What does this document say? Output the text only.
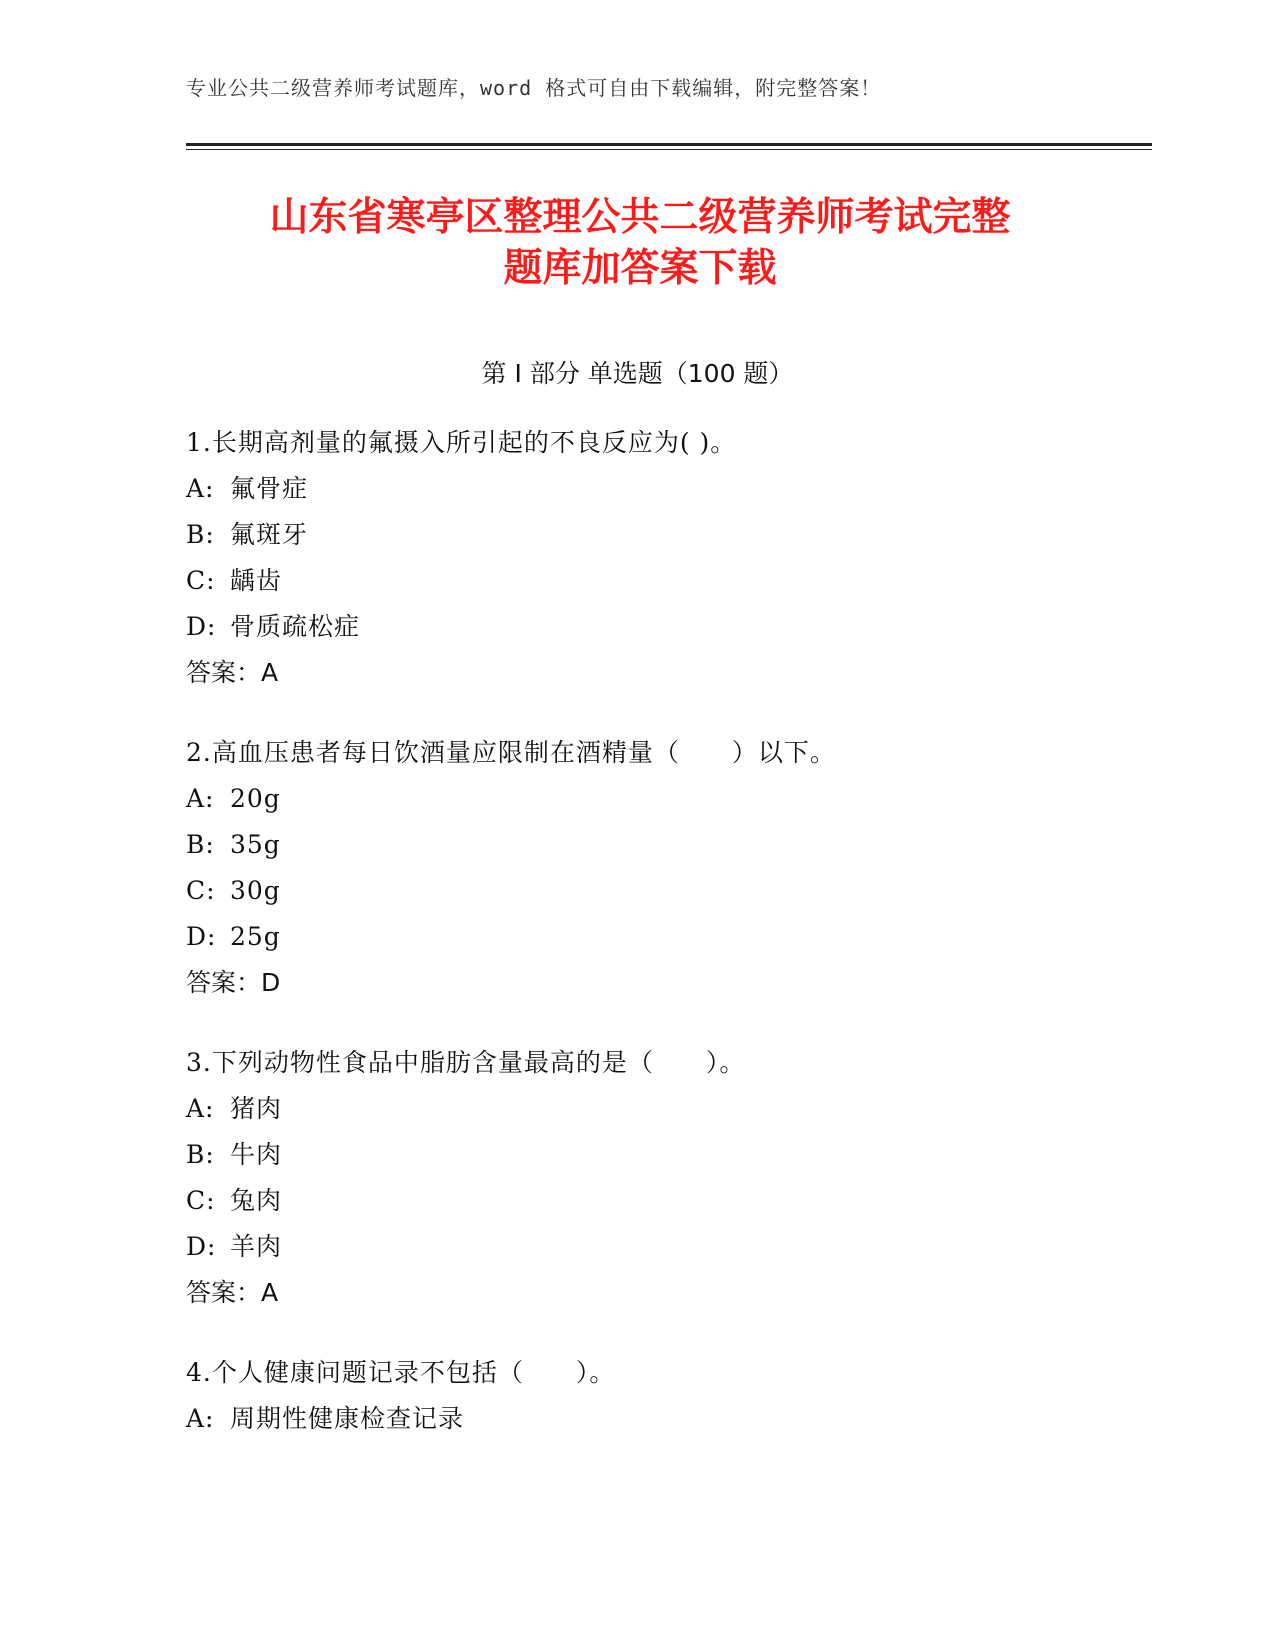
专业公共二级营养师考试题库，word 格式可自由下载编辑，附完整答案！
山东省寒亭区整理公共二级营养师考试完整
题库加答案下载
第 I 部分 单选题（100 题）
1.长期高剂量的氟摄入所引起的不良反应为( )。
A: 氟骨症
B: 氟斑牙
C: 龋齿
D: 骨质疏松症
答案：A
2.高血压患者每日饮酒量应限制在酒精量（　　）以下。
A: 20g
B: 35g
C: 30g
D: 25g
答案：D
3.下列动物性食品中脂肪含量最高的是（　　）。
A: 猪肉
B: 牛肉
C: 兔肉
D: 羊肉
答案：A
4.个人健康问题记录不包括（　　）。
A: 周期性健康检查记录
